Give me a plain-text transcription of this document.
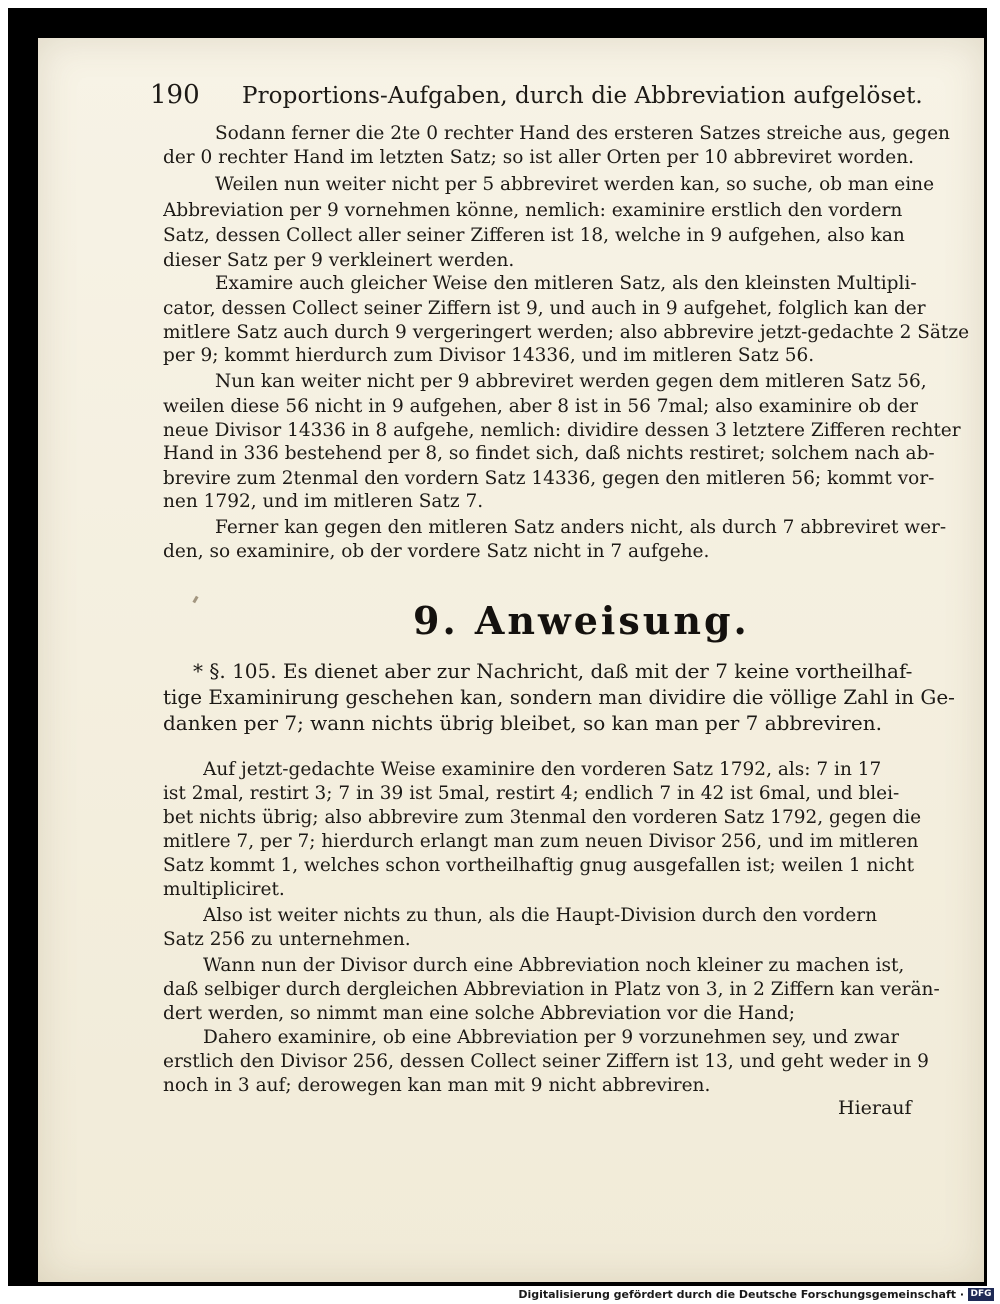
190 Proportions-Aufgaben, durch die Abbreviation aufgelöset.
Sodann ferner die 2te 0 rechter Hand des ersteren Satzes streiche aus, gegen
der 0 rechter Hand im letzten Satz; so ist aller Orten per 10 abbreviret worden.
Weilen nun weiter nicht per 5 abbreviret werden kan, so suche, ob man eine
Abbreviation per 9 vornehmen könne, nemlich: examinire erstlich den vordern
Satz, dessen Collect aller seiner Zifferen ist 18, welche in 9 aufgehen, also kan
dieser Satz per 9 verkleinert werden.
Examire auch gleicher Weise den mitleren Satz, als den kleinsten Multipli-
cator, dessen Collect seiner Ziffern ist 9, und auch in 9 aufgehet, folglich kan der
mitlere Satz auch durch 9 vergeringert werden; also abbrevire jetzt-gedachte 2 Sätze
per 9; kommt hierdurch zum Divisor 14336, und im mitleren Satz 56.
Nun kan weiter nicht per 9 abbreviret werden gegen dem mitleren Satz 56,
weilen diese 56 nicht in 9 aufgehen, aber 8 ist in 56 7mal; also examinire ob der
neue Divisor 14336 in 8 aufgehe, nemlich: dividire dessen 3 letztere Zifferen rechter
Hand in 336 bestehend per 8, so findet sich, daß nichts restiret; solchem nach ab-
brevire zum 2tenmal den vordern Satz 14336, gegen den mitleren 56; kommt vor-
nen 1792, und im mitleren Satz 7.
Ferner kan gegen den mitleren Satz anders nicht, als durch 7 abbreviret wer-
den, so examinire, ob der vordere Satz nicht in 7 aufgehe.
9. Anweisung.
* §. 105. Es dienet aber zur Nachricht, daß mit der 7 keine vortheilhaf-
tige Examinirung geschehen kan, sondern man dividire die völlige Zahl in Ge-
danken per 7; wann nichts übrig bleibet, so kan man per 7 abbreviren.
Auf jetzt-gedachte Weise examinire den vorderen Satz 1792, als: 7 in 17
ist 2mal, restirt 3; 7 in 39 ist 5mal, restirt 4; endlich 7 in 42 ist 6mal, und blei-
bet nichts übrig; also abbrevire zum 3tenmal den vorderen Satz 1792, gegen die
mitlere 7, per 7; hierdurch erlangt man zum neuen Divisor 256, und im mitleren
Satz kommt 1, welches schon vortheilhaftig gnug ausgefallen ist; weilen 1 nicht
multipliciret.
Also ist weiter nichts zu thun, als die Haupt-Division durch den vordern
Satz 256 zu unternehmen.
Wann nun der Divisor durch eine Abbreviation noch kleiner zu machen ist,
daß selbiger durch dergleichen Abbreviation in Platz von 3, in 2 Ziffern kan verän-
dert werden, so nimmt man eine solche Abbreviation vor die Hand;
Dahero examinire, ob eine Abbreviation per 9 vorzunehmen sey, und zwar
erstlich den Divisor 256, dessen Collect seiner Ziffern ist 13, und geht weder in 9
noch in 3 auf; derowegen kan man mit 9 nicht abbreviren.
Hierauf
Digitalisierung gefördert durch die Deutsche Forschungsgemeinschaft · DFG
